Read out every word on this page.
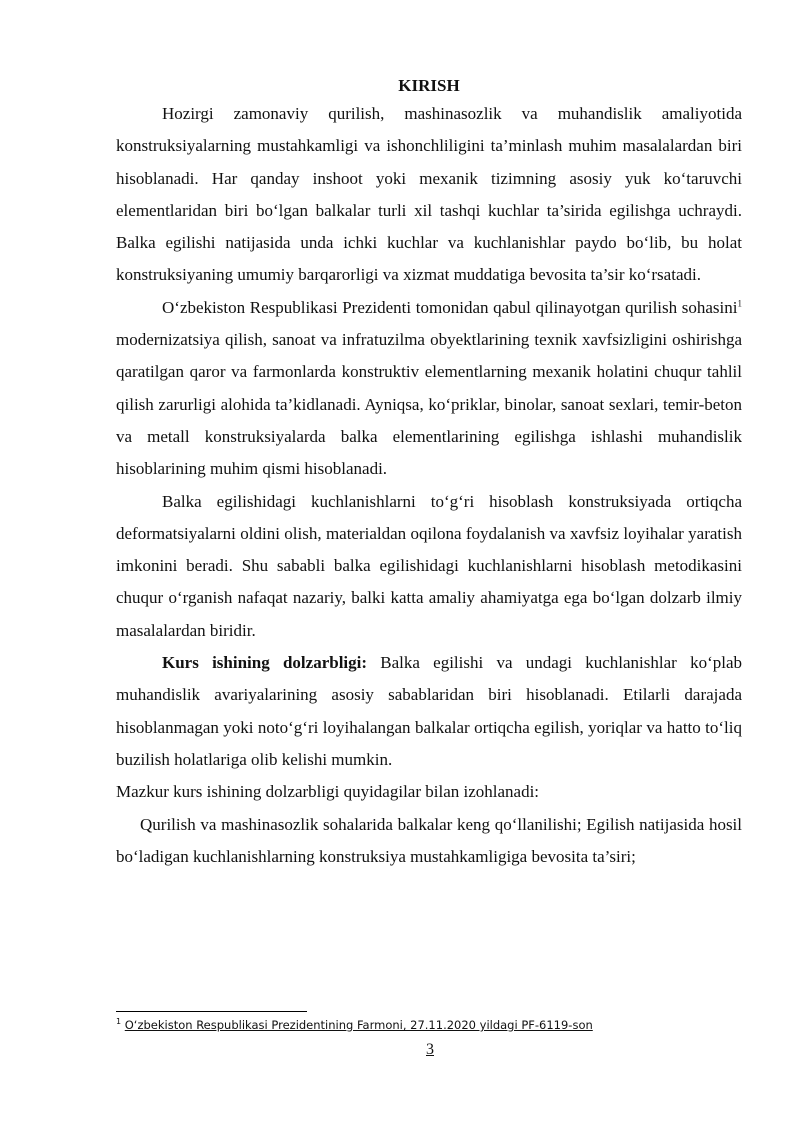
KIRISH

Hozirgi zamonaviy qurilish, mashinasozlik va muhandislik amaliyotida konstruksiyalarning mustahkamligi va ishonchliligini ta’minlash muhim masalalardan biri hisoblanadi. Har qanday inshoot yoki mexanik tizimning asosiy yuk ko‘taruvchi elementlaridan biri bo‘lgan balkalar turli xil tashqi kuchlar ta’sirida egilishga uchraydi. Balka egilishi natijasida unda ichki kuchlar va kuchlanishlar paydo bo‘lib, bu holat konstruksiyaning umumiy barqarorligi va xizmat muddatiga bevosita ta’sir ko‘rsatadi.

O‘zbekiston Respublikasi Prezidenti tomonidan qabul qilinayotgan qurilish sohasini$^1$ modernizatsiya qilish, sanoat va infratuzilma obyektlarining texnik xavfsizligini oshirishga qaratilgan qaror va farmonlarda konstruktiv elementlarning mexanik holatini chuqur tahlil qilish zarurligi alohida ta’kidlanadi. Ayniqsa, ko‘priklar, binolar, sanoat sexlari, temir-beton va metall konstruksiyalarda balka elementlarining egilishga ishlashi muhandislik hisoblarining muhim qismi hisoblanadi.

Balka egilishidagi kuchlanishlarni to‘g‘ri hisoblash konstruksiyada ortiqcha deformatsiyalarni oldini olish, materialdan oqilona foydalanish va xavfsiz loyihalar yaratish imkonini beradi. Shu sababli balka egilishidagi kuchlanishlarni hisoblash metodikasini chuqur o‘rganish nafaqat nazariy, balki katta amaliy ahamiyatga ega bo‘lgan dolzarb ilmiy masalalardan biridir.

Kurs ishining dolzarbligi: Balka egilishi va undagi kuchlanishlar ko‘plab muhandislik avariyalarining asosiy sabablaridan biri hisoblanadi. Etilarli darajada hisoblanmagan yoki noto‘g‘ri loyihalangan balkalar ortiqcha egilish, yoriqlar va hatto to‘liq buzilish holatlariga olib kelishi mumkin.

Mazkur kurs ishining dolzarbligi quyidagilar bilan izohlanadi:

Qurilish va mashinasozlik sohalarida balkalar keng qo‘llanilishi; Egilish natijasida hosil bo‘ladigan kuchlanishlarning konstruksiya mustahkamligiga bevosita ta’siri;

$^1$ O‘zbekiston Respublikasi Prezidentining Farmoni, 27.11.2020 yildagi PF-6119-son
3
